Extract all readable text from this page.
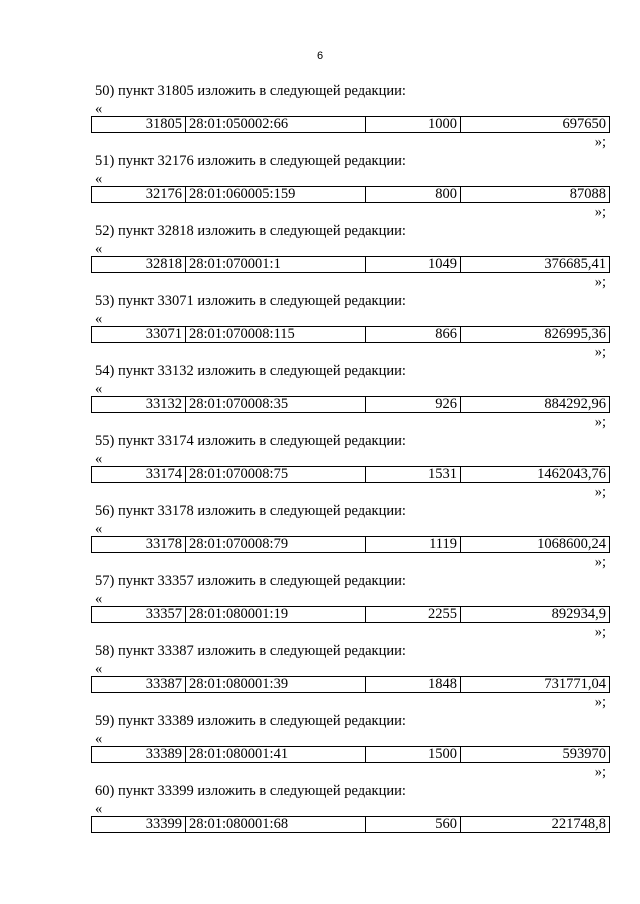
6
50) пункт 31805 изложить в следующей редакции:
«
31805 28:01:050002:66	1000	697650
»;
51) пункт 32176 изложить в следующей редакции:
«
32176 28:01:060005:159	800	87088
»;
52) пункт 32818 изложить в следующей редакции:
«
32818 28:01:070001:1	1049	376685,41
»;
53) пункт 33071 изложить в следующей редакции:
«
33071 28:01:070008:115	866	826995,36
»;
54) пункт 33132 изложить в следующей редакции:
«
33132 28:01:070008:35	926	884292,96
»;
55) пункт 33174 изложить в следующей редакции:
«
33174 28:01:070008:75	1531	1462043,76
»;
56) пункт 33178 изложить в следующей редакции:
«
33178 28:01:070008:79	1119	1068600,24
»;
57) пункт 33357 изложить в следующей редакции:
«
33357 28:01:080001:19	2255	892934,9
»;
58) пункт 33387 изложить в следующей редакции:
«
33387 28:01:080001:39	1848	731771,04
»;
59) пункт 33389 изложить в следующей редакции:
«
33389 28:01:080001:41	1500	593970
»;
60) пункт 33399 изложить в следующей редакции:
«
33399 28:01:080001:68	560	221748,8
